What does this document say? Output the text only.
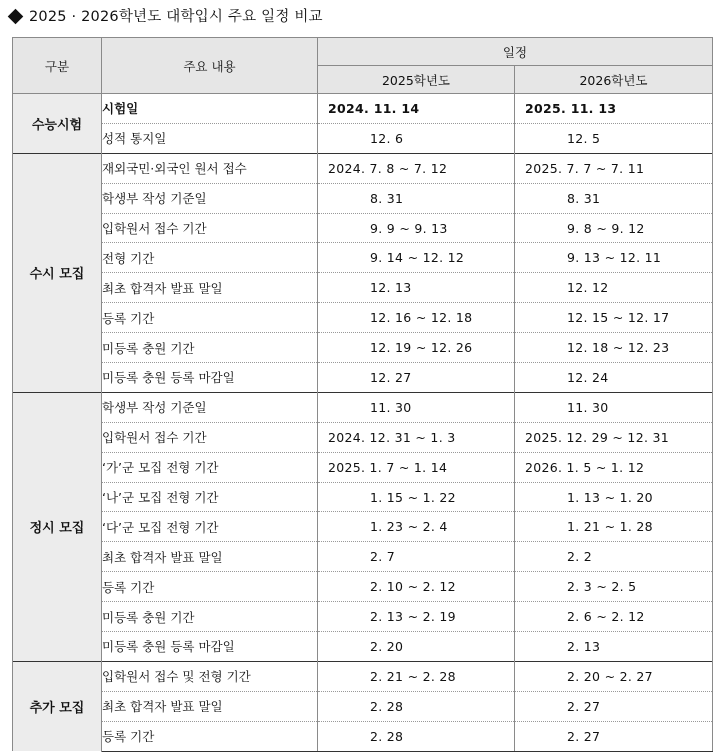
2025 · 2026학년도 대학입시 주요 일정 비교
구분	주요 내용	일정	
		2025학년도	2026학년도
수능시험	시험일	2024. 11. 14	2025. 11. 13
	성적 통지일	12. 6	12. 5
수시 모집	재외국민·외국인 원서 접수	2024. 7. 8 ~ 7. 12	2025. 7. 7 ~ 7. 11
	학생부 작성 기준일	8. 31	8. 31
	입학원서 접수 기간	9. 9 ~ 9. 13	9. 8 ~ 9. 12
	전형 기간	9. 14 ~ 12. 12	9. 13 ~ 12. 11
	최초 합격자 발표 말일	12. 13	12. 12
	등록 기간	12. 16 ~ 12. 18	12. 15 ~ 12. 17
	미등록 충원 기간	12. 19 ~ 12. 26	12. 18 ~ 12. 23
	미등록 충원 등록 마감일	12. 27	12. 24
정시 모집	학생부 작성 기준일	11. 30	11. 30
	입학원서 접수 기간	2024. 12. 31 ~ 1. 3	2025. 12. 29 ~ 12. 31
	‘가’군 모집 전형 기간	2025. 1. 7 ~ 1. 14	2026. 1. 5 ~ 1. 12
	‘나’군 모집 전형 기간	1. 15 ~ 1. 22	1. 13 ~ 1. 20
	‘다’군 모집 전형 기간	1. 23 ~ 2. 4	1. 21 ~ 1. 28
	최초 합격자 발표 말일	2. 7	2. 2
	등록 기간	2. 10 ~ 2. 12	2. 3 ~ 2. 5
	미등록 충원 기간	2. 13 ~ 2. 19	2. 6 ~ 2. 12
	미등록 충원 등록 마감일	2. 20	2. 13
추가 모집	입학원서 접수 및 전형 기간	2. 21 ~ 2. 28	2. 20 ~ 2. 27
	최초 합격자 발표 말일	2. 28	2. 27
	등록 기간	2. 28	2. 27
